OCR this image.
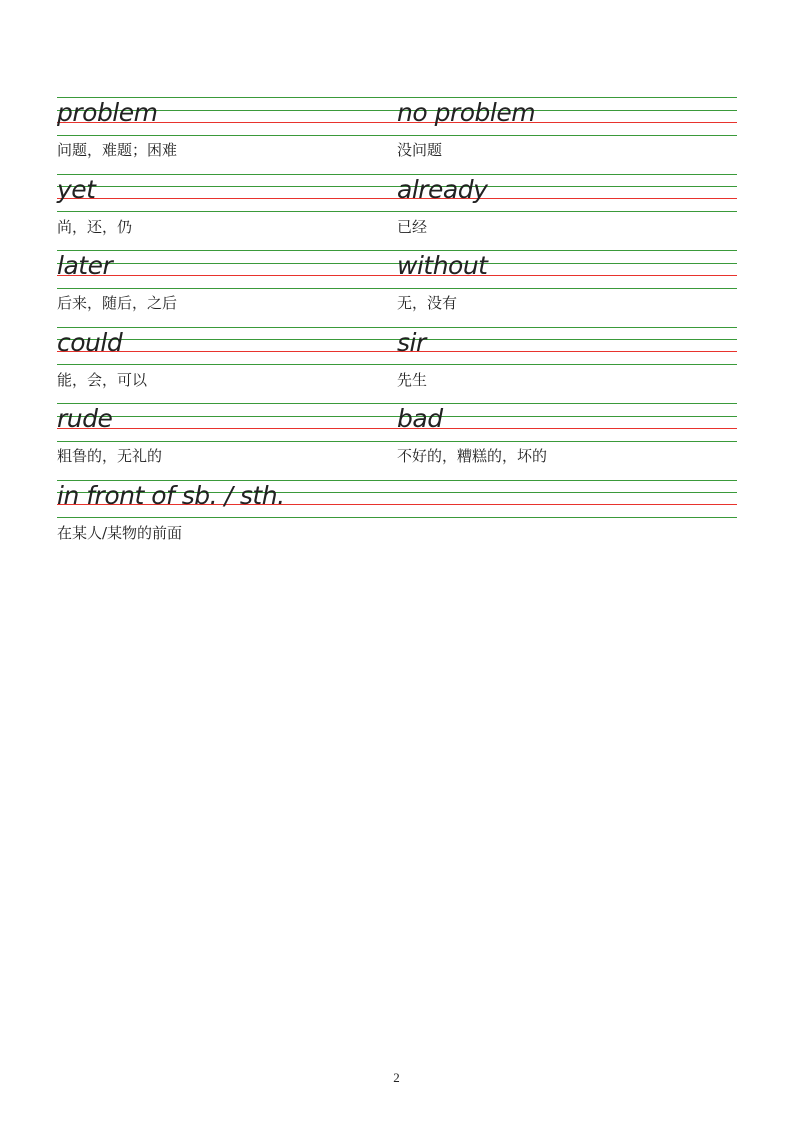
problem	no problem
问题，难题；困难	没问题
yet	already
尚，还，仍	已经
later	without
后来，随后，之后	无，没有
could	sir
能，会，可以	先生
rude	bad
粗鲁的，无礼的	不好的，糟糕的，坏的
in front of sb. / sth.
在某人/某物的前面
2
